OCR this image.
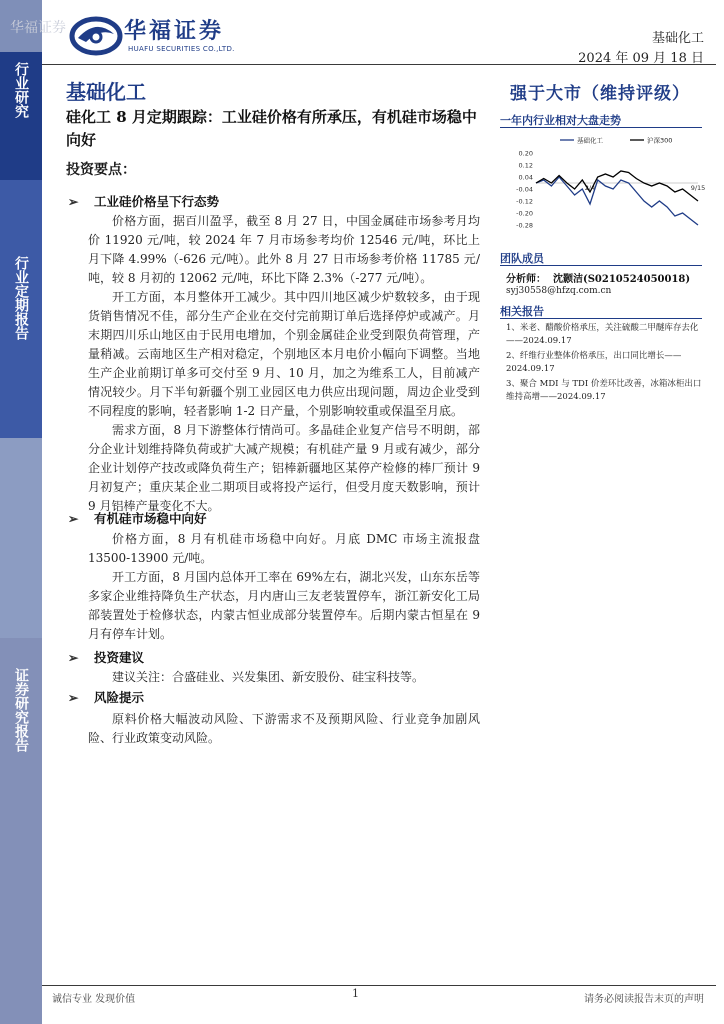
行业研究
行业定期报告
证券研究报告
华福证券	华福证券
HUAFU SECURITIES CO.,LTD.
基础化工
2024 年 09 月 18 日
基础化工
硅化工 8 月定期跟踪：工业硅价格有所承压，有机硅市场稳中向好
投资要点：
➢ 工业硅价格呈下行态势
价格方面，据百川盈孚，截至 8 月 27 日，中国金属硅市场参考月均价 11920 元/吨，较 2024 年 7 月市场参考均价 12546 元/吨，环比上月下降 4.99%（-626 元/吨）。此外 8 月 27 日市场参考价格 11785 元/吨，较 8 月初的 12062 元/吨，环比下降 2.3%（-277 元/吨）。
开工方面，本月整体开工减少。其中四川地区减少炉数较多，由于现货销售情况不佳，部分生产企业在交付完前期订单后选择停炉或减产。月末期四川乐山地区由于民用电增加，个别金属硅企业受到限负荷管理，产量稍减。云南地区生产相对稳定，个别地区本月电价小幅向下调整。当地生产企业前期订单多可交付至 9 月、10 月，加之为维系工人，目前减产情况较少。月下半旬新疆个别工业园区电力供应出现问题，周边企业受到不同程度的影响，轻者影响 1-2 日产量，个别影响较重或保温至月底。
需求方面，8 月下游整体行情尚可。多晶硅企业复产信号不明朗，部分企业计划维持降负荷或扩大减产规模；有机硅产量 9 月或有减少，部分企业计划停产技改或降负荷生产；铝棒新疆地区某停产检修的棒厂预计 9 月初复产；重庆某企业二期项目或将投产运行，但受月度天数影响，预计 9 月铝棒产量变化不大。
➢ 有机硅市场稳中向好
价格方面，8 月有机硅市场稳中向好。月底 DMC 市场主流报盘 13500-13900 元/吨。
开工方面，8 月国内总体开工率在 69%左右，湖北兴发，山东东岳等多家企业维持降负生产状态，月内唐山三友老装置停车，浙江新安化工局部装置处于检修状态，内蒙古恒业成部分装置停车。后期内蒙古恒星在 9 月有停车计划。
➢ 投资建议
建议关注：合盛硅业、兴发集团、新安股份、硅宝科技等。
➢ 风险提示
原料价格大幅波动风险、下游需求不及预期风险、行业竞争加剧风险、行业政策变动风险。
强于大市（维持评级）
一年内行业相对大盘走势
0.20
0.12
0.04
-0.04
-0.12
-0.20
-0.28
2/4	9/15
基础化工	沪深300
团队成员
分析师： 沈颢洁(S0210524050018)
syj30558@hfzq.com.cn
相关报告
1、米老、醋酸价格承压，关注硫酸二甲醚库存去化——2024.09.17
2、纤维行业整体价格承压，出口同比增长——2024.09.17
3、聚合 MDI 与 TDI 价差环比改善，冰箱冰柜出口维持高增——2024.09.17
诚信专业 发现价值	1	请务必阅读报告末页的声明
